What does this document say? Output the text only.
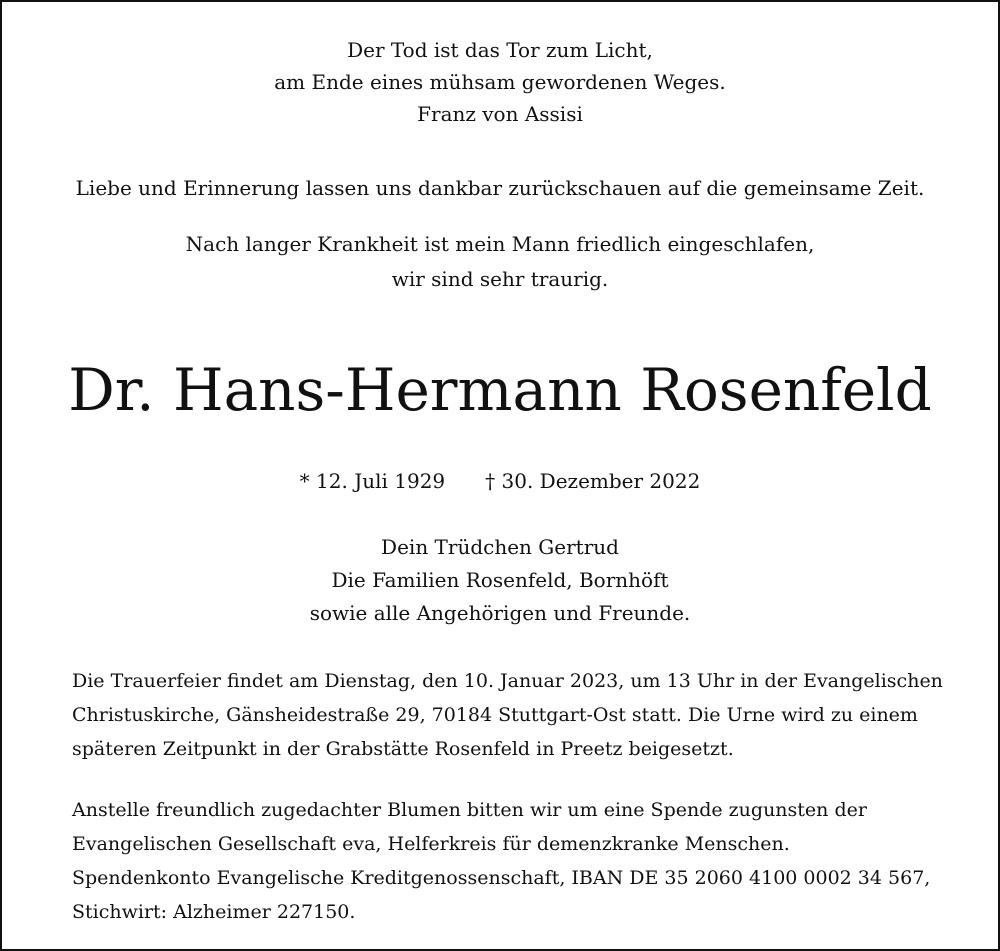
Der Tod ist das Tor zum Licht,
am Ende eines mühsam gewordenen Weges.
Franz von Assisi
Liebe und Erinnerung lassen uns dankbar zurückschauen auf die gemeinsame Zeit.
Nach langer Krankheit ist mein Mann friedlich eingeschlafen,
wir sind sehr traurig.
Dr. Hans-Hermann Rosenfeld
* 12. Juli 1929 † 30. Dezember 2022
Dein Trüdchen Gertrud
Die Familien Rosenfeld, Bornhöft
sowie alle Angehörigen und Freunde.
Die Trauerfeier findet am Dienstag, den 10. Januar 2023, um 13 Uhr in der Evangelischen
Christuskirche, Gänsheidestraße 29, 70184 Stuttgart-Ost statt. Die Urne wird zu einem
späteren Zeitpunkt in der Grabstätte Rosenfeld in Preetz beigesetzt.
Anstelle freundlich zugedachter Blumen bitten wir um eine Spende zugunsten der
Evangelischen Gesellschaft eva, Helferkreis für demenzkranke Menschen.
Spendenkonto Evangelische Kreditgenossenschaft, IBAN DE 35 2060 4100 0002 34 567,
Stichwirt: Alzheimer 227150.
